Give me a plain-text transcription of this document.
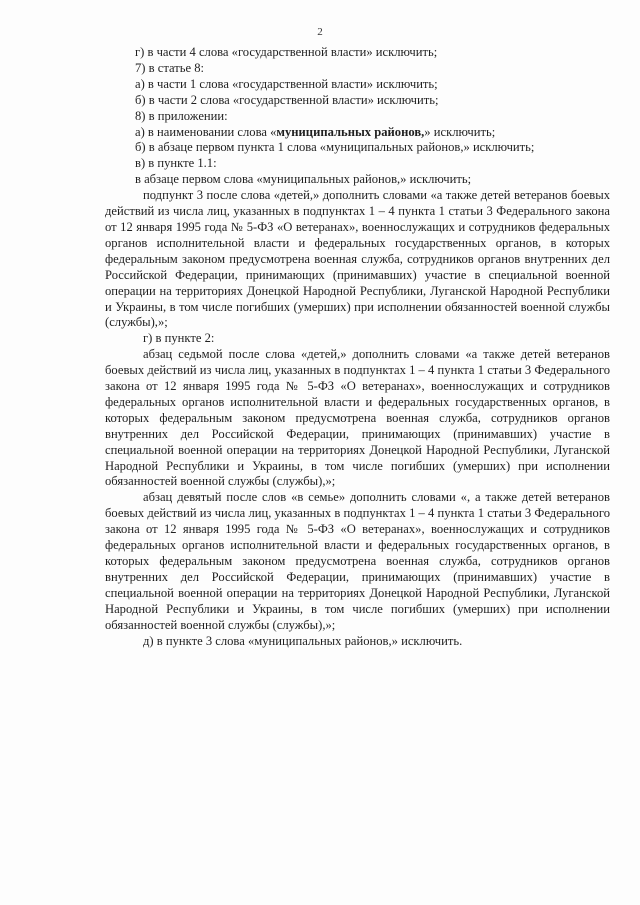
2

г) в части 4 слова «государственной власти» исключить;

7) в статье 8:

а) в части 1 слова «государственной власти» исключить;

б) в части 2 слова «государственной власти» исключить;

8) в приложении:

а) в наименовании слова «муниципальных районов,» исключить;

б) в абзаце первом пункта 1 слова «муниципальных районов,» исключить;

в) в пункте 1.1:

в абзаце первом слова «муниципальных районов,» исключить;

подпункт 3 после слова «детей,» дополнить словами «а также детей ветеранов боевых действий из числа лиц, указанных в подпунктах 1 – 4 пункта 1 статьи 3 Федерального закона от 12 января 1995 года № 5-ФЗ «О ветеранах», военнослужащих и сотрудников федеральных органов исполнительной власти и федеральных государственных органов, в которых федеральным законом предусмотрена военная служба, сотрудников органов внутренних дел Российской Федерации, принимающих (принимавших) участие в специальной военной операции на территориях Донецкой Народной Республики, Луганской Народной Республики и Украины, в том числе погибших (умерших) при исполнении обязанностей военной службы (службы),»;

г) в пункте 2:

абзац седьмой после слова «детей,» дополнить словами «а также детей ветеранов боевых действий из числа лиц, указанных в подпунктах 1 – 4 пункта 1 статьи 3 Федерального закона от 12 января 1995 года № 5-ФЗ «О ветеранах», военнослужащих и сотрудников федеральных органов исполнительной власти и федеральных государственных органов, в которых федеральным законом предусмотрена военная служба, сотрудников органов внутренних дел Российской Федерации, принимающих (принимавших) участие в специальной военной операции на территориях Донецкой Народной Республики, Луганской Народной Республики и Украины, в том числе погибших (умерших) при исполнении обязанностей военной службы (службы),»;

абзац девятый после слов «в семье» дополнить словами «, а также детей ветеранов боевых действий из числа лиц, указанных в подпунктах 1 – 4 пункта 1 статьи 3 Федерального закона от 12 января 1995 года № 5-ФЗ «О ветеранах», военнослужащих и сотрудников федеральных органов исполнительной власти и федеральных государственных органов, в которых федеральным законом предусмотрена военная служба, сотрудников органов внутренних дел Российской Федерации, принимающих (принимавших) участие в специальной военной операции на территориях Донецкой Народной Республики, Луганской Народной Республики и Украины, в том числе погибших (умерших) при исполнении обязанностей военной службы (службы),»;

д) в пункте 3 слова «муниципальных районов,» исключить.
